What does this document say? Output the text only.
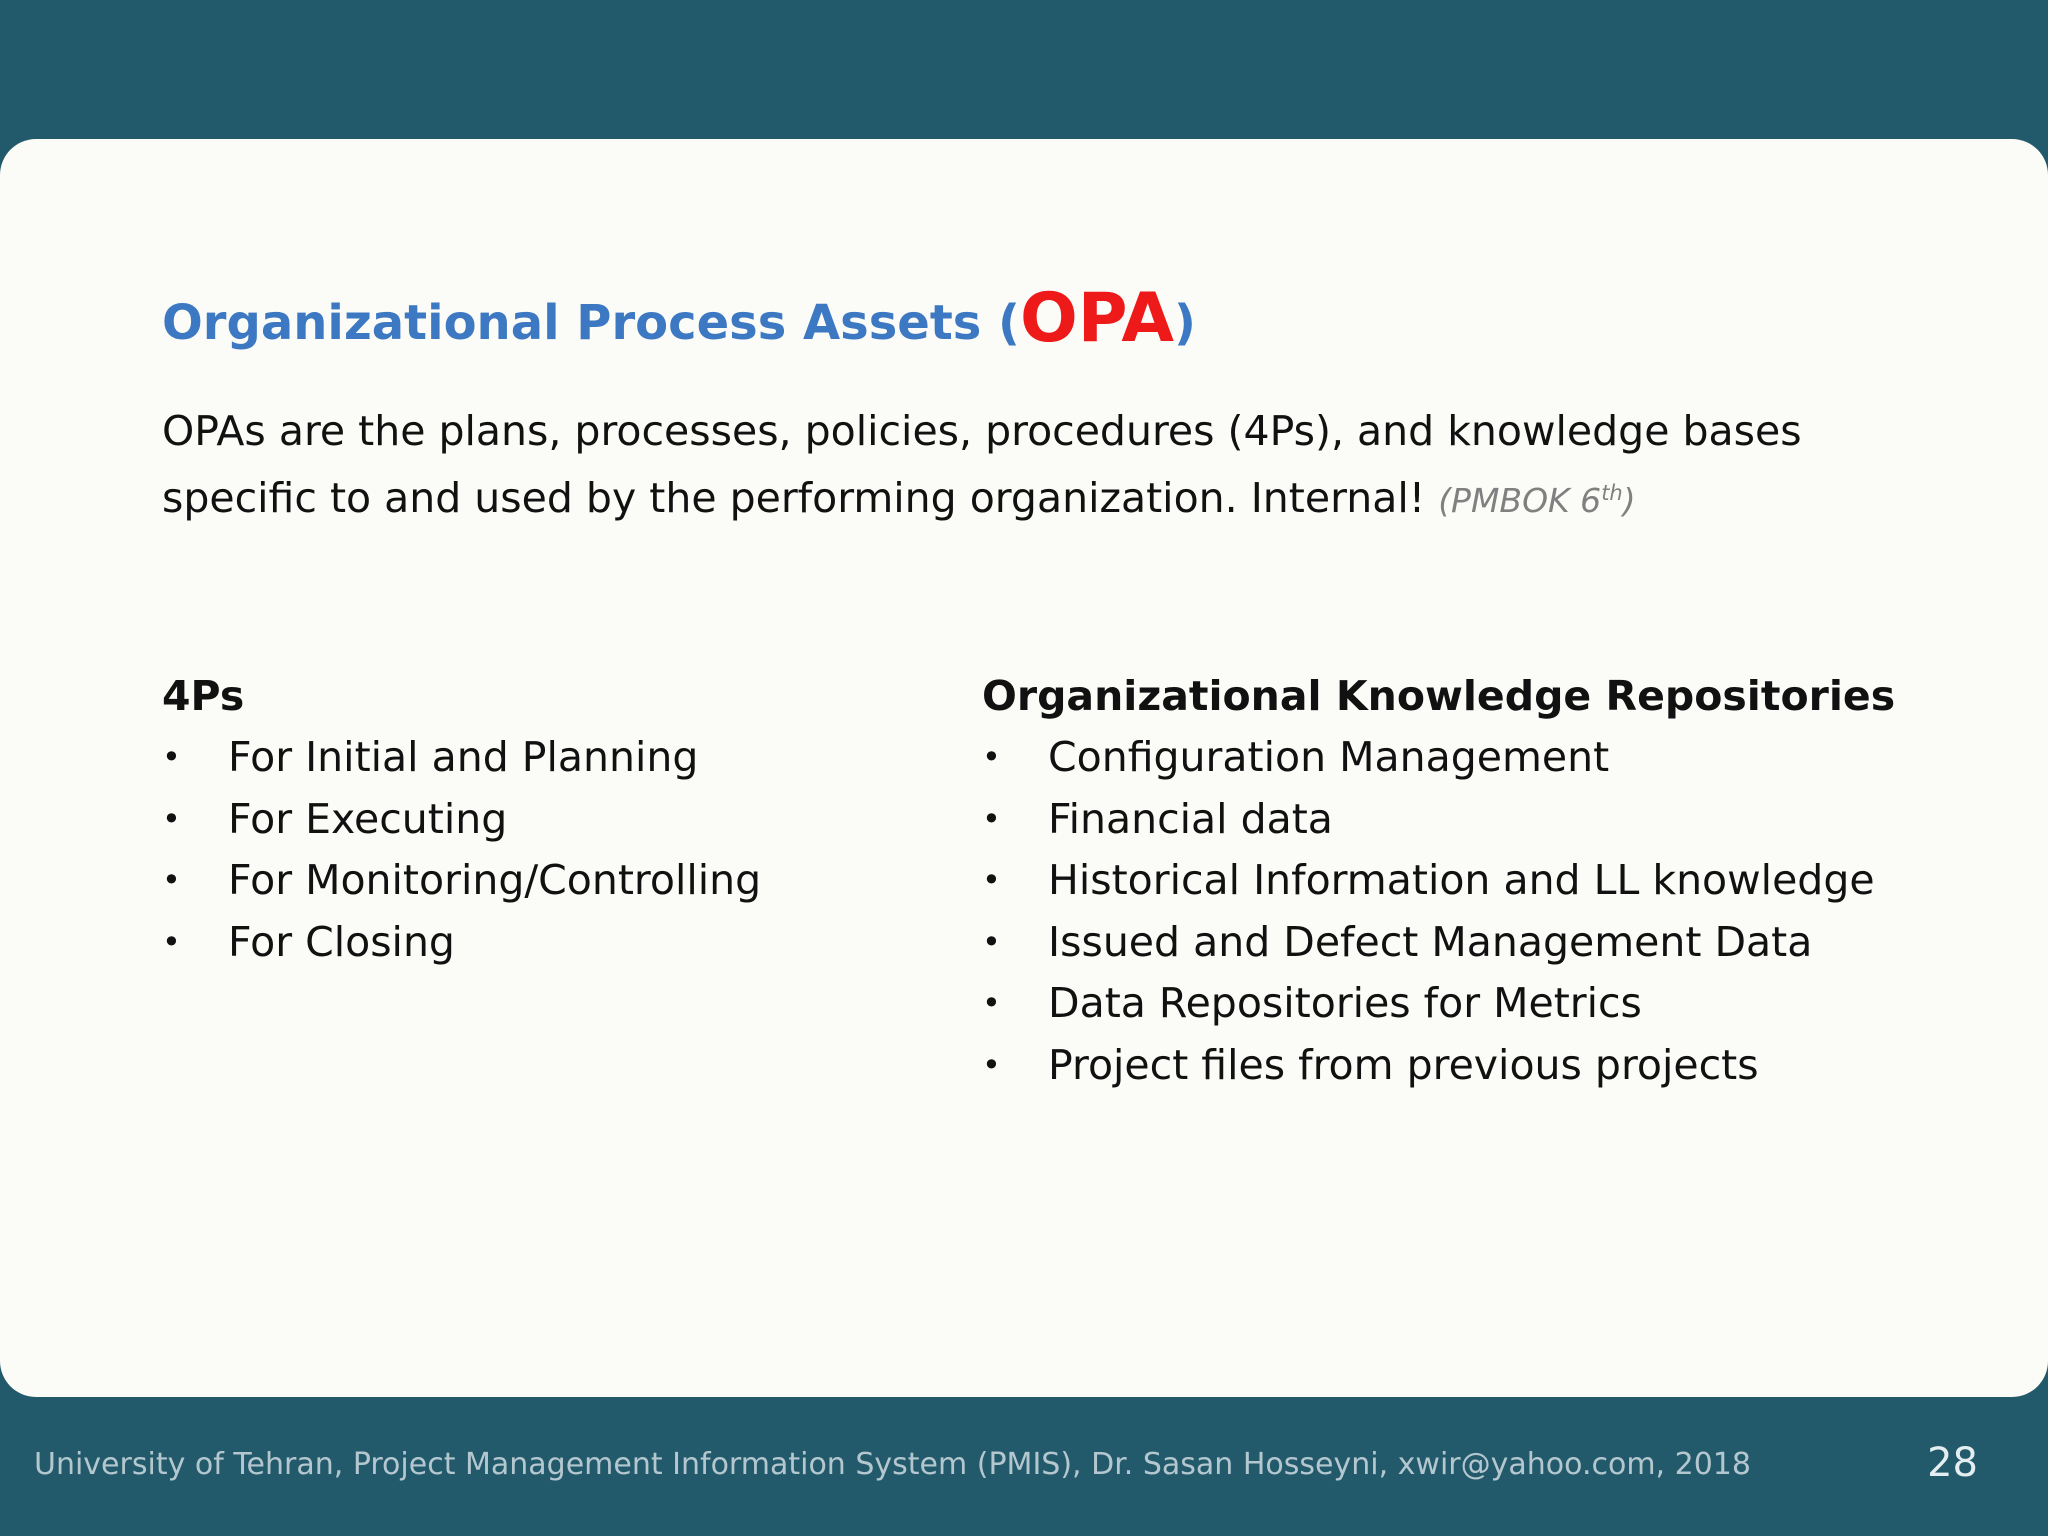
Organizational Process Assets (OPA)

OPAs are the plans, processes, policies, procedures (4Ps), and knowledge bases specific to and used by the performing organization. Internal! (PMBOK 6th)

4Ps
• For Initial and Planning
• For Executing
• For Monitoring/Controlling
• For Closing
Organizational Knowledge Repositories
• Configuration Management
• Financial data
• Historical Information and LL knowledge
• Issued and Defect Management Data
• Data Repositories for Metrics
• Project files from previous projects
University of Tehran, Project Management Information System (PMIS), Dr. Sasan Hosseyni, xwir@yahoo.com, 2018	28
